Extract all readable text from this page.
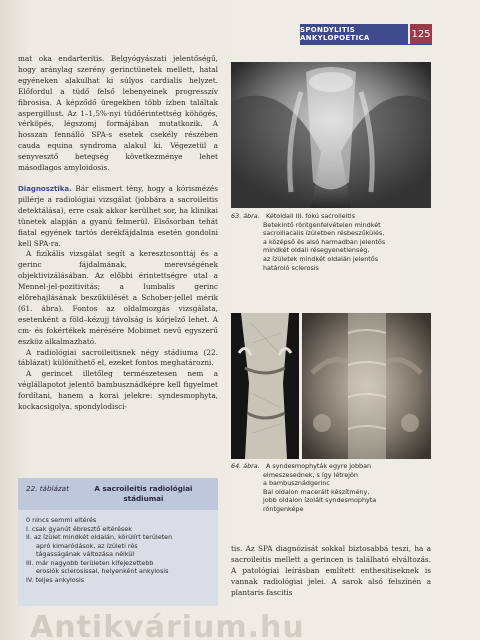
SPONDYLITIS ANKYLOPOETICA	125

mat oka endarteritis. Belgyógyászati jelentőségű, hogy aránylag szerény gerinctünetek mellett, hatal egyéneken alakulhat ki súlyos cardialis helyzet. Előfordul a tüdő felső lebenyeinek progresszív fibrosisa. A képződő üregekben több ízben találtak aspergillust. Az 1–1,5%-nyi tüdőérintettség köhögés, vérköpés, légszomj formájában mutatkozik. A hosszan fennálló SPA-s esetek csekély részében cauda equina syndroma alakul ki. Végezetül a senyvesztő betegség következménye lehet másodlagos amyloidosis.

Diagnosztika. Bár elismert tény, hogy a kórismézés pillérje a radiológiai vizsgálat (jobbára a sacroileitis detektálása), erre csak akkor kerülhet sor, ha klinikai tünetek alapján a gyanú felmerül. Elsősorban tehát fiatal egyének tartós derékfájdalma esetén gondolni kell SPA-ra.

A fizikális vizsgálat segít a keresztcsonttáj és a gerinc fájdalmának, merevségének objektivizálásában. Az előbbi érintettségre utal a Mennel-jel-pozitivitás; a lumbalis gerinc előrehajlásának beszűkülését a Schober-jellel mérik (61. ábra). Fontos az oldalmozgás vizsgálata, esetenként a föld–kézujj távolság is kórjelző lehet. A cm- és fokértékek mérésére Mobimet nevű egyszerű eszköz alkalmazható.

A radiológiai sacroileitisnek négy stádiuma (22. táblázat) különíthető el, ezeket fontos meghatározni.

A gerincet illetőleg természetesen nem a véglállapotot jelentő bambusznádképre kell figyelmet fordítani, hanem a korai jelekre: syndesmophyta, kockacsigolya, spondylodisci-

63. ábra. Kétoldali III. fokú sacroileitis
Betekintő röntgenfelvételen mindkét
sacroiliacalis ízületben résbeszűkülés,
a középső és alsó harmadban jelentős
mindkét oldali résegyenetlenség,
az ízületek mindkét oldalán jelentős
határoló sclerosis
64. ábra. A syndesmophyták egyre jobban
elmeszesednek, s így létrejön
a bambusznádgerinc
Bal oldalon macerált készítmény,
jobb oldalon ízolált syndesmophyta
röntgenképe
22. táblázat	A sacroileitis radiológiai stádiumai
0 nincs semmi eltérés
I. csak gyanút ébresztő eltérések
II. az ízület mindkét oldalán, körülírt területen
apró kimaródások, az ízületi rés
tágasságának változása nélkül
III. már nagyobb területen kifejezettebb
erosiók sclerosissal, helyenként ankylosis
IV. teljes ankylosis

tis. Az SPA diagnózisát sokkal biztosabbá teszi, ha a sacroileitis mellett a gerincen is található elváltozás. A patológiai leírásban említett enthesitiseknek is vannak radiológiai jelei. A sarok alsó felszínén a plantaris fascitis

Antikvárium.hu
